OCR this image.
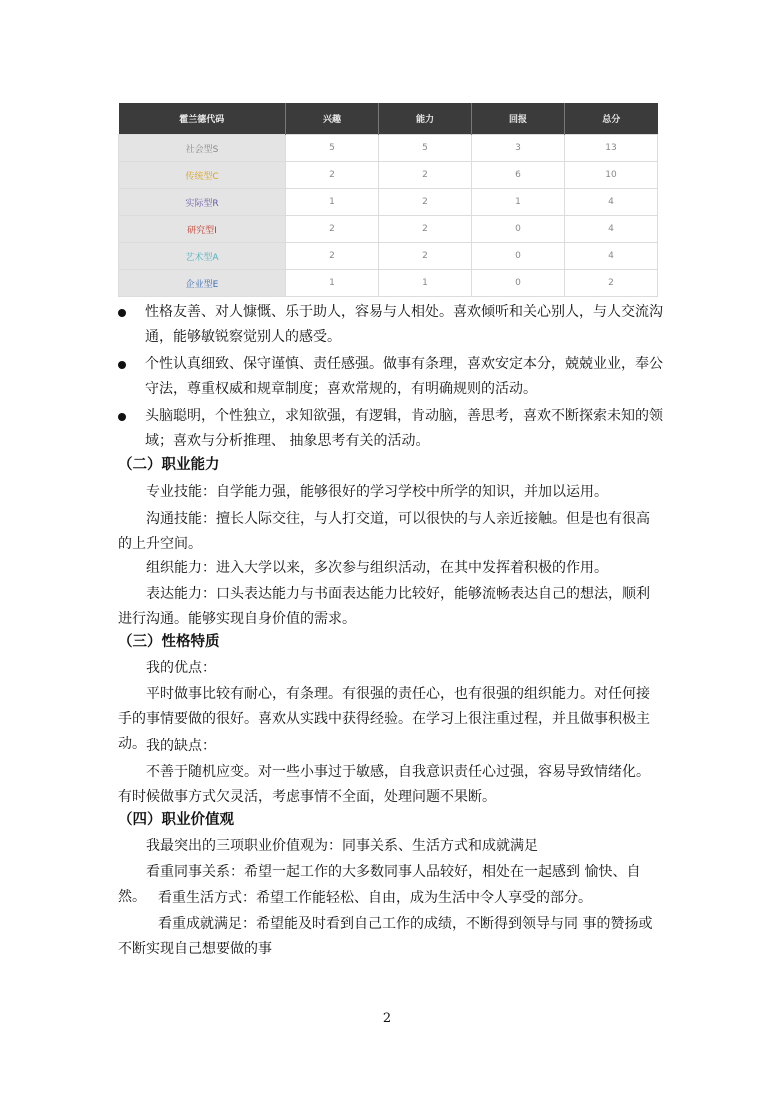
霍兰德代码	兴趣	能力	回报	总分
社会型S	5	5	3	13
传统型C	2	2	6	10
实际型R	1	2	1	4
研究型I	2	2	0	4
艺术型A	2	2	0	4
企业型E	1	1	0	2
性格友善、对人慷慨、乐于助人，容易与人相处。喜欢倾听和关心别人，与人交流沟通，能够敏锐察觉别人的感受。
个性认真细致、保守谨慎、责任感强。做事有条理，喜欢安定本分，兢兢业业，奉公守法，尊重权威和规章制度；喜欢常规的，有明确规则的活动。
头脑聪明，个性独立，求知欲强，有逻辑，肯动脑，善思考，喜欢不断探索未知的领域；喜欢与分析推理、 抽象思考有关的活动。
（二）职业能力
专业技能：自学能力强，能够很好的学习学校中所学的知识，并加以运用。
沟通技能：擅长人际交往，与人打交道，可以很快的与人亲近接触。但是也有很高的上升空间。
组织能力：进入大学以来，多次参与组织活动，在其中发挥着积极的作用。
表达能力：口头表达能力与书面表达能力比较好，能够流畅表达自己的想法，顺利进行沟通。能够实现自身价值的需求。
（三）性格特质
我的优点：
平时做事比较有耐心，有条理。有很强的责任心，也有很强的组织能力。对任何接手的事情要做的很好。喜欢从实践中获得经验。在学习上很注重过程，并且做事积极主动。 我的缺点：
不善于随机应变。对一些小事过于敏感，自我意识责任心过强，容易导致情绪化。有时候做事方式欠灵活，考虑事情不全面，处理问题不果断。
（四）职业价值观
我最突出的三项职业价值观为：同事关系、生活方式和成就满足
看重同事关系：希望一起工作的大多数同事人品较好，相处在一起感到 愉快、自然。 看重生活方式：希望工作能轻松、自由，成为生活中令人享受的部分。
看重成就满足：希望能及时看到自己工作的成绩，不断得到领导与同 事的赞扬或不断实现自己想要做的事
2
